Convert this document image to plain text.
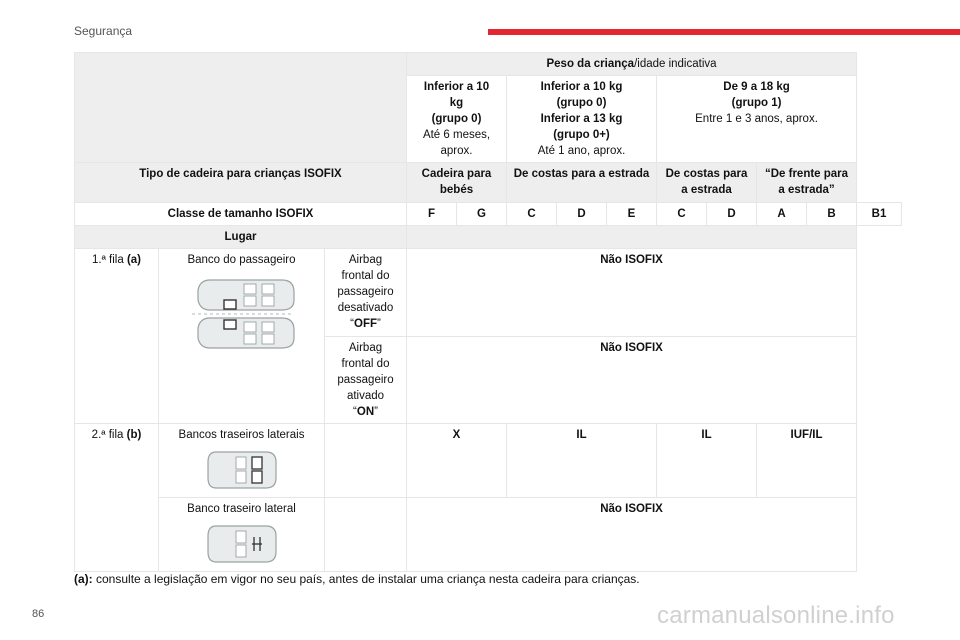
Segurança
			Peso da criança/idade indicativa									
			Inferior a 10
kg
(grupo 0)
Até 6 meses,
aprox.		Inferior a 10 kg
(grupo 0)
Inferior a 13 kg
(grupo 0+)
Até 1 ano, aprox.			De 9 a 18 kg
(grupo 1)
Entre 1 e 3 anos, aprox.				
Tipo de cadeira para crianças ISOFIX			Cadeira para bebés		De costas para a estrada			De costas para a estrada		“De frente para a estrada”		
Classe de tamanho ISOFIX			F	G	C	D	E	C	D	A	B	B1
Lugar												
1.ª fila (a)	Banco do passageiro	Airbag
frontal do
passageiro
desativado
“OFF”	Não ISOFIX									
		Airbag
frontal do
passageiro
ativado
“ON”	Não ISOFIX									
2.ª fila (b)	Bancos traseiros laterais		X		IL			IL		IUF/IL		
	Banco traseiro lateral		Não ISOFIX									
(a): consulte a legislação em vigor no seu país, antes de instalar uma criança nesta cadeira para crianças.
86	carmanualsonline.info
